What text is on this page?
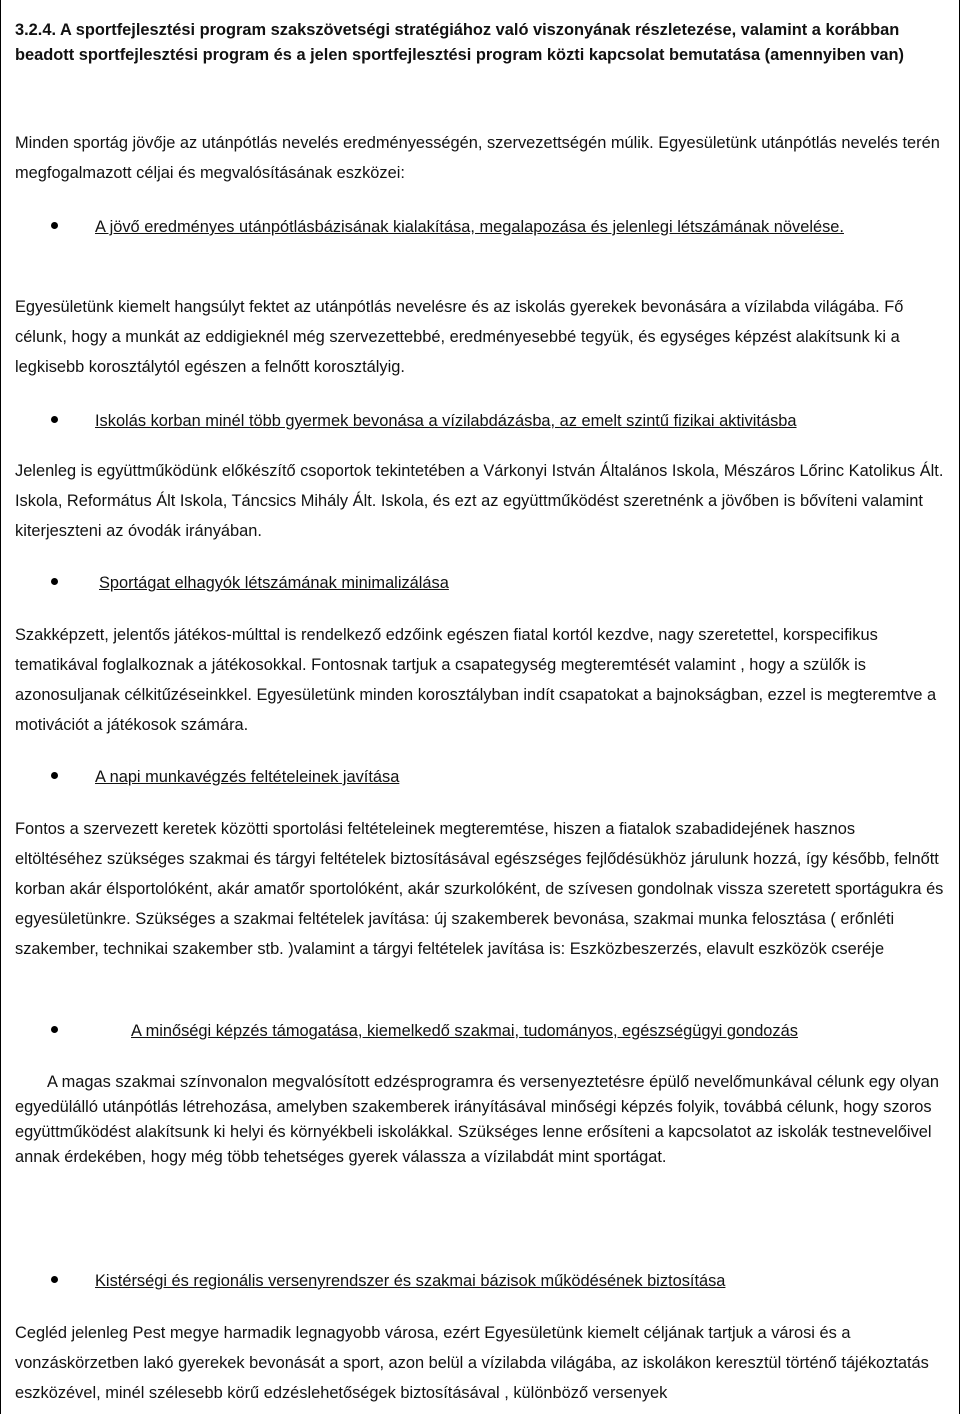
3.2.4. A sportfejlesztési program szakszövetségi stratégiához való viszonyának részletezése, valamint a korábban beadott sportfejlesztési program és a jelen sportfejlesztési program közti kapcsolat bemutatása (amennyiben van)

Minden sportág jövője az utánpótlás nevelés eredményességén, szervezettségén múlik. Egyesületünk utánpótlás nevelés terén megfogalmazott céljai és megvalósításának eszközei:

A jövő eredményes utánpótlásbázisának kialakítása, megalapozása és jelenlegi létszámának növelése.

Egyesületünk kiemelt hangsúlyt fektet az utánpótlás nevelésre és az iskolás gyerekek bevonására a vízilabda világába. Fő célunk, hogy a munkát az eddigieknél még szervezettebbé, eredményesebbé tegyük, és egységes képzést alakítsunk ki a legkisebb korosztálytól egészen a felnőtt korosztályig.

Iskolás korban minél több gyermek bevonása a vízilabdázásba, az emelt szintű fizikai aktivitásba

Jelenleg is együttműködünk előkészítő csoportok tekintetében a Várkonyi István Általános Iskola, Mészáros Lőrinc Katolikus Ált. Iskola, Református Ált Iskola, Táncsics Mihály Ált. Iskola, és ezt az együttműködést szeretnénk a jövőben is bővíteni valamint kiterjeszteni az óvodák irányában.

Sportágat elhagyók létszámának minimalizálása

Szakképzett, jelentős játékos-múlttal is rendelkező edzőink egészen fiatal kortól kezdve, nagy szeretettel, korspecifikus tematikával foglalkoznak a játékosokkal. Fontosnak tartjuk a csapategység megteremtését valamint , hogy a szülők is azonosuljanak célkitűzéseinkkel. Egyesületünk minden korosztályban indít csapatokat a bajnokságban, ezzel is megteremtve a motivációt a játékosok számára.

A napi munkavégzés feltételeinek javítása

Fontos a szervezett keretek közötti sportolási feltételeinek megteremtése, hiszen a fiatalok szabadidejének hasznos eltöltéséhez szükséges szakmai és tárgyi feltételek biztosításával egészséges fejlődésükhöz járulunk hozzá, így később, felnőtt korban akár élsportolóként, akár amatőr sportolóként, akár szurkolóként, de szívesen gondolnak vissza szeretett sportágukra és egyesületünkre. Szükséges a szakmai feltételek javítása: új szakemberek bevonása, szakmai munka felosztása ( erőnléti szakember, technikai szakember stb. )valamint a tárgyi feltételek javítása is: Eszközbeszerzés, elavult eszközök cseréje

A minőségi képzés támogatása, kiemelkedő szakmai, tudományos, egészségügyi gondozás

A magas szakmai színvonalon megvalósított edzésprogramra és versenyeztetésre épülő nevelőmunkával célunk egy olyan egyedülálló utánpótlás létrehozása, amelyben szakemberek irányításával minőségi képzés folyik, továbbá célunk, hogy szoros együttműködést alakítsunk ki helyi és környékbeli iskolákkal. Szükséges lenne erősíteni a kapcsolatot az iskolák testnevelőivel annak érdekében, hogy még több tehetséges gyerek válassza a vízilabdát mint sportágat.

Kistérségi és regionális versenyrendszer és szakmai bázisok működésének biztosítása

Cegléd jelenleg Pest megye harmadik legnagyobb városa, ezért Egyesületünk kiemelt céljának tartjuk a városi és a vonzáskörzetben lakó gyerekek bevonását a sport, azon belül a vízilabda világába, az iskolákon keresztül történő tájékoztatás eszközével, minél szélesebb körű edzéslehetőségek biztosításával , különböző versenyek
